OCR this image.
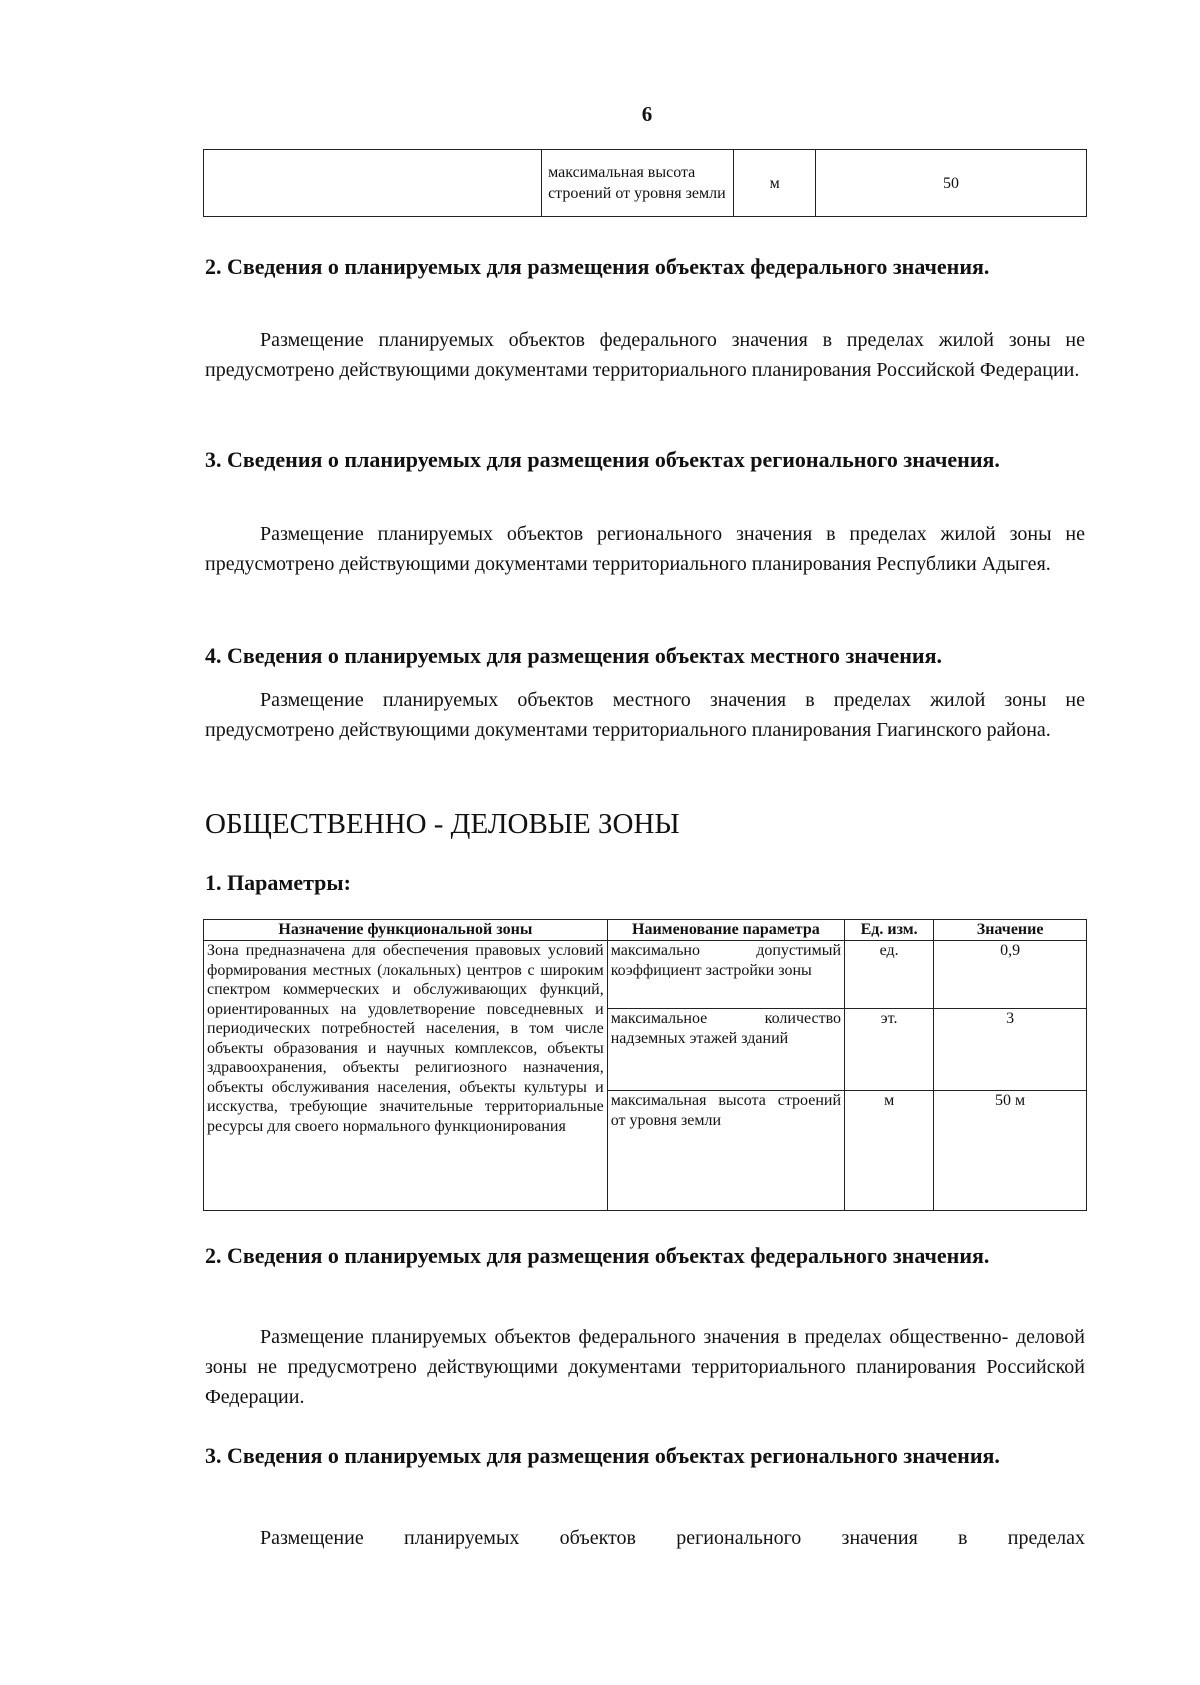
6
	максимальная высота строений от уровня земли	м	50
2. Сведения о планируемых для размещения объектах федерального значения.

Размещение планируемых объектов федерального значения в пределах жилой зоны не предусмотрено действующими документами территориального планирования Российской Федерации.

3. Сведения о планируемых для размещения объектах регионального значения.

Размещение планируемых объектов регионального значения в пределах жилой зоны не предусмотрено действующими документами территориального планирования Республики Адыгея.

4. Сведения о планируемых для размещения объектах местного значения.

Размещение планируемых объектов местного значения в пределах жилой зоны не предусмотрено действующими документами территориального планирования Гиагинского района.

ОБЩЕСТВЕННО - ДЕЛОВЫЕ ЗОНЫ
1. Параметры:
Назначение функциональной зоны	Наименование параметра	Ед. изм.	Значение
Зона предназначена для обеспечения правовых условий формирования местных (локальных) центров с широким спектром коммерческих и обслуживающих функций, ориентированных на удовлетворение повседневных и периодических потребностей населения, в том числе объекты образования и научных комплексов, объекты здравоохранения, объекты религиозного назначения, объекты обслуживания населения, объекты культуры и исскуства, требующие значительные территориальные ресурсы для своего нормального функционирования	максимально допустимый коэффициент застройки зоны	ед.	0,9
	максимальное количество надземных этажей зданий	эт.	3
	максимальная высота строений от уровня земли	м	50 м
2. Сведения о планируемых для размещения объектах федерального значения.

Размещение планируемых объектов федерального значения в пределах общественно- деловой зоны не предусмотрено действующими документами территориального планирования Российской Федерации.

3. Сведения о планируемых для размещения объектах регионального значения.

Размещение планируемых объектов регионального значения в пределах
